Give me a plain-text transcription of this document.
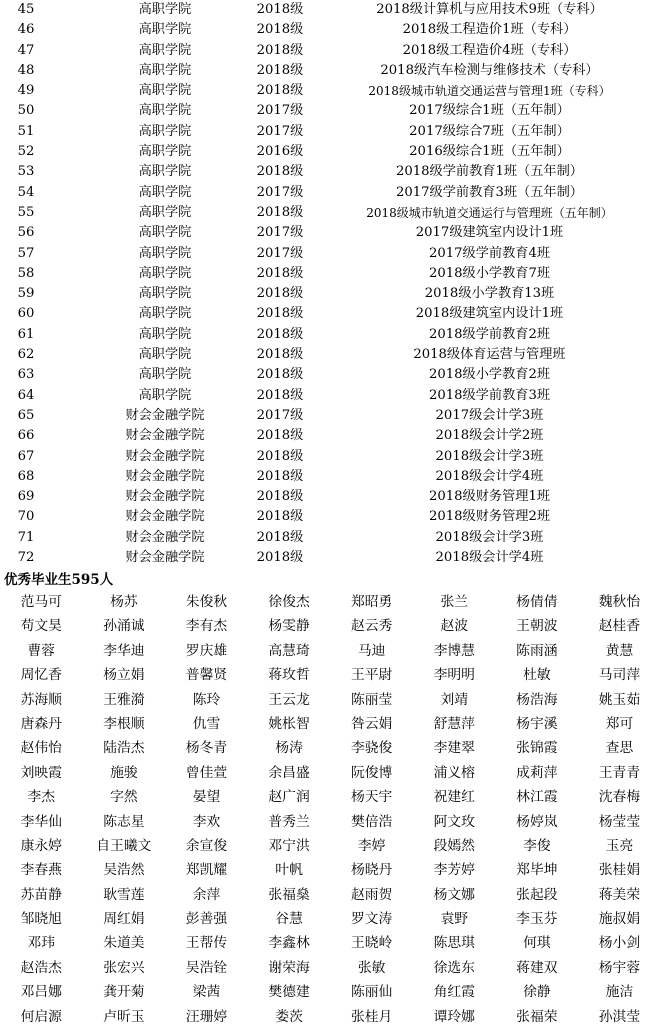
45	高职学院	2018级	2018级计算机与应用技术9班（专科）
46	高职学院	2018级	2018级工程造价1班（专科）
47	高职学院	2018级	2018级工程造价4班（专科）
48	高职学院	2018级	2018级汽车检测与维修技术（专科）
49	高职学院	2018级	2018级城市轨道交通运营与管理1班（专科）
50	高职学院	2017级	2017级综合1班（五年制）
51	高职学院	2017级	2017级综合7班（五年制）
52	高职学院	2016级	2016级综合1班（五年制）
53	高职学院	2018级	2018级学前教育1班（五年制）
54	高职学院	2017级	2017级学前教育3班（五年制）
55	高职学院	2018级	2018级城市轨道交通运行与管理班（五年制）
56	高职学院	2017级	2017级建筑室内设计1班
57	高职学院	2017级	2017级学前教育4班
58	高职学院	2018级	2018级小学教育7班
59	高职学院	2018级	2018级小学教育13班
60	高职学院	2018级	2018级建筑室内设计1班
61	高职学院	2018级	2018级学前教育2班
62	高职学院	2018级	2018级体育运营与管理班
63	高职学院	2018级	2018级小学教育2班
64	高职学院	2018级	2018级学前教育3班
65	财会金融学院	2017级	2017级会计学3班
66	财会金融学院	2018级	2018级会计学2班
67	财会金融学院	2018级	2018级会计学3班
68	财会金融学院	2018级	2018级会计学4班
69	财会金融学院	2018级	2018级财务管理1班
70	财会金融学院	2018级	2018级财务管理2班
71	财会金融学院	2018级	2018级会计学3班
72	财会金融学院	2018级	2018级会计学4班
优秀毕业生595人
范马可	杨苏	朱俊秋	徐俊杰	郑昭勇	张兰	杨倩倩	魏秋怡
苟文昊	孙涌诚	李有杰	杨雯静	赵云秀	赵波	王朝波	赵桂香
曹蓉	李华迪	罗庆雄	高慧琦	马迪	李博慧	陈雨涵	黄慧
周忆香	杨立娟	普馨贤	蒋玫哲	王平尉	李明明	杜敏	马司萍
苏海顺	王雅漪	陈玲	王云龙	陈丽莹	刘靖	杨浩海	姚玉茹
唐森丹	李根顺	仇雪	姚枨智	咎云娟	舒慧萍	杨宇溪	郑可
赵伟怡	陆浩杰	杨冬青	杨涛	李骁俊	李建翠	张锦霞	查思
刘映霞	施骏	曾佳萱	余昌盛	阮俊博	浦义榕	成莉萍	王青青
李杰	字然	晏望	赵广润	杨天宇	祝建红	林江霞	沈春梅
李华仙	陈志星	李欢	普秀兰	樊倍浩	阿文玫	杨婷岚	杨莹莹
康永婷	自王曦文	余宣俊	邓宁洪	李婷	段嫣然	李俊	玉亮
李春燕	吴浩然	郑凯耀	叶帆	杨晓丹	李芳婷	郑毕坤	张桂娟
苏苗静	耿雪莲	余萍	张福燊	赵雨贺	杨文娜	张起段	蒋美荣
邹晓旭	周红娟	彭善强	谷慧	罗文涛	袁野	李玉芬	施叔娟
邓玮	朱道美	王帮传	李鑫林	王晓岭	陈思琪	何琪	杨小剑
赵浩杰	张宏兴	吴浩铨	谢荣海	张敏	徐选东	蒋建双	杨宇蓉
邓吕娜	龚开菊	梁茜	樊德建	陈丽仙	角红霞	徐静	施洁
何启源	卢昕玉	汪珊婷	娄茨	张桂月	谭玲娜	张福荣	孙淇莹
